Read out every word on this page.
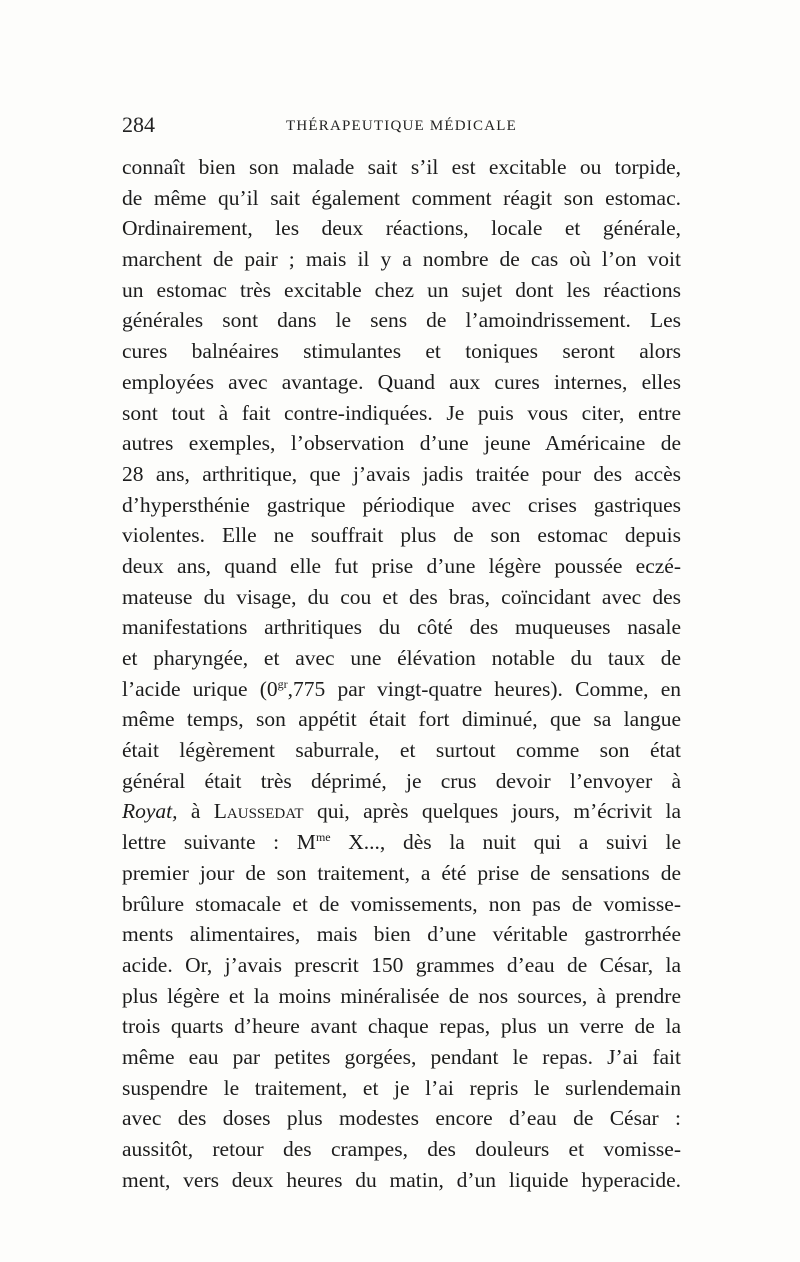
284	THÉRAPEUTIQUE MÉDICALE
connaît bien son malade sait s’il est excitable ou torpide,
de même qu’il sait également comment réagit son estomac.
Ordinairement, les deux réactions, locale et générale,
marchent de pair ; mais il y a nombre de cas où l’on voit
un estomac très excitable chez un sujet dont les réactions
générales sont dans le sens de l’amoindrissement. Les
cures balnéaires stimulantes et toniques seront alors
employées avec avantage. Quand aux cures internes, elles
sont tout à fait contre-indiquées. Je puis vous citer, entre
autres exemples, l’observation d’une jeune Américaine de
28 ans, arthritique, que j’avais jadis traitée pour des accès
d’hypersthénie gastrique périodique avec crises gastriques
violentes. Elle ne souffrait plus de son estomac depuis
deux ans, quand elle fut prise d’une légère poussée eczé-
mateuse du visage, du cou et des bras, coïncidant avec des
manifestations arthritiques du côté des muqueuses nasale
et pharyngée, et avec une élévation notable du taux de
l’acide urique ($0^{gr},775$ par vingt-quatre heures). Comme, en
même temps, son appétit était fort diminué, que sa langue
était légèrement saburrale, et surtout comme son état
général était très déprimé, je crus devoir l’envoyer à
Royat, à Laussedat qui, après quelques jours, m’écrivit la
lettre suivante : $M^{me}$ X..., dès la nuit qui a suivi le
premier jour de son traitement, a été prise de sensations de
brûlure stomacale et de vomissements, non pas de vomisse-
ments alimentaires, mais bien d’une véritable gastrorrhée
acide. Or, j’avais prescrit 150 grammes d’eau de César, la
plus légère et la moins minéralisée de nos sources, à prendre
trois quarts d’heure avant chaque repas, plus un verre de la
même eau par petites gorgées, pendant le repas. J’ai fait
suspendre le traitement, et je l’ai repris le surlendemain
avec des doses plus modestes encore d’eau de César :
aussitôt, retour des crampes, des douleurs et vomisse-
ment, vers deux heures du matin, d’un liquide hyperacide.
